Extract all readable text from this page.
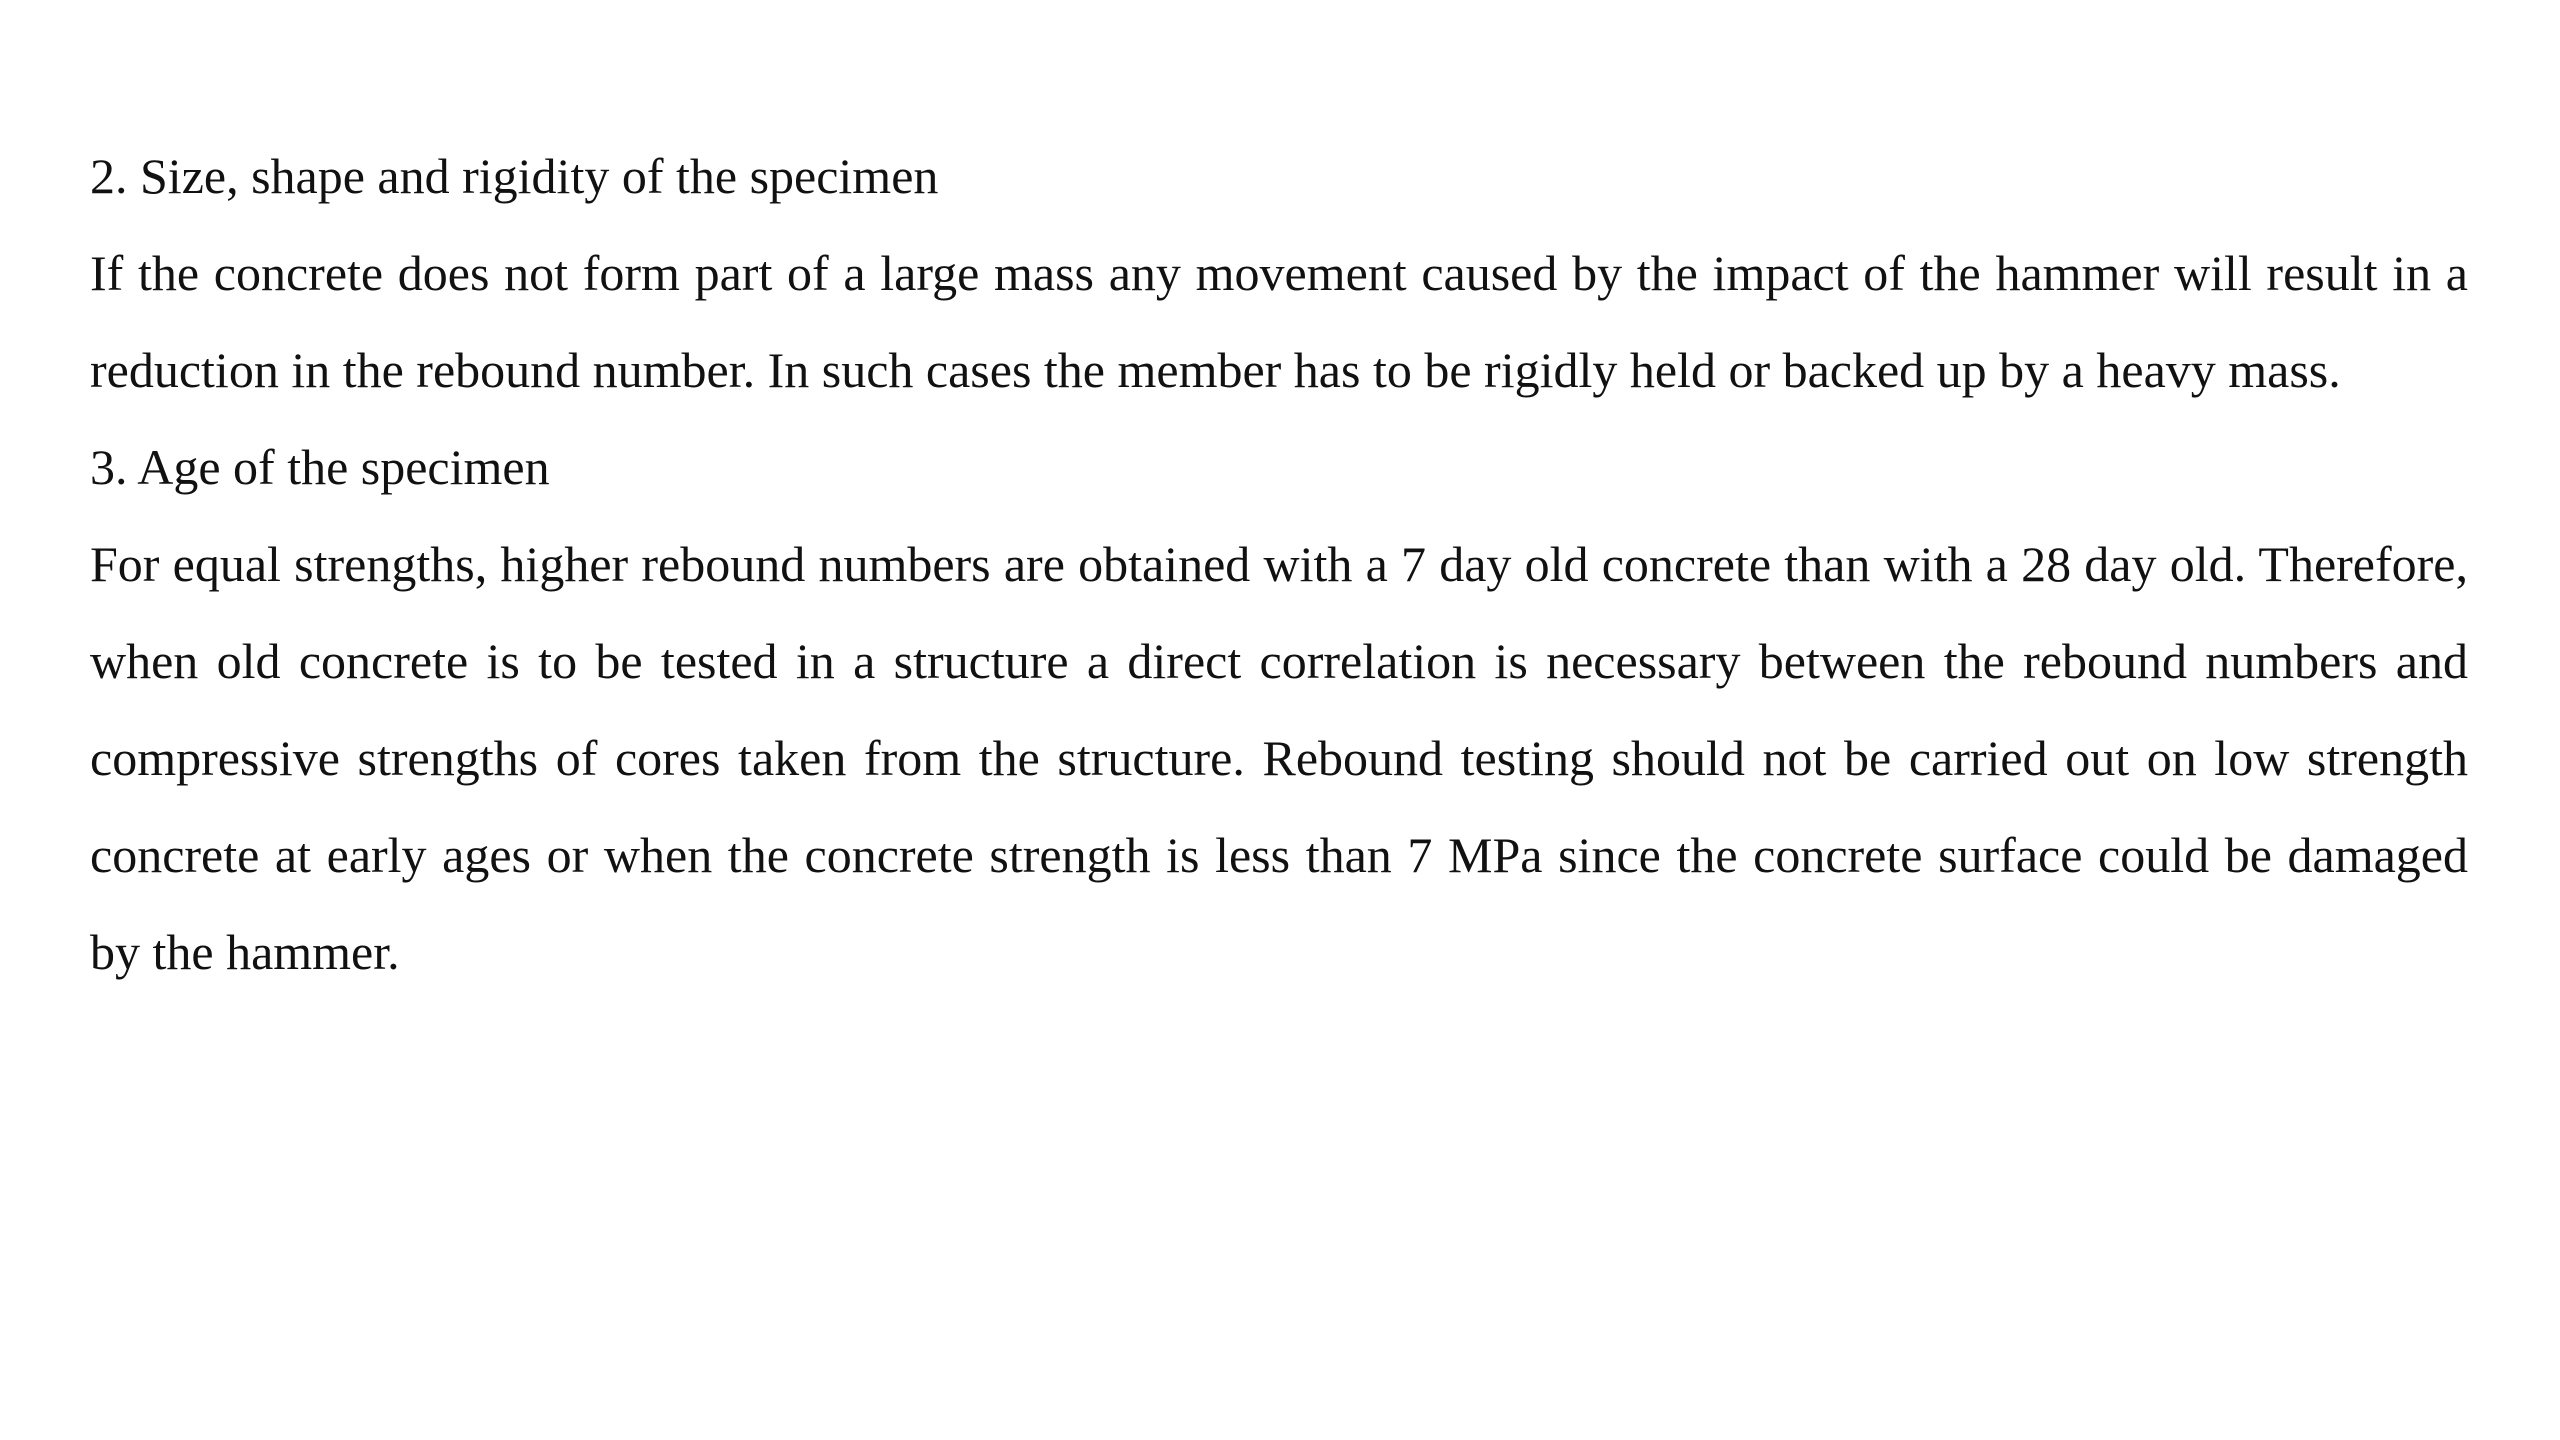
2. Size, shape and rigidity of the specimen

If the concrete does not form part of a large mass any movement caused by the impact of the hammer will result in a reduction in the rebound number. In such cases the member has to be rigidly held or backed up by a heavy mass.

3. Age of the specimen

For equal strengths, higher rebound numbers are obtained with a 7 day old concrete than with a 28 day old. Therefore, when old concrete is to be tested in a structure a direct correlation is necessary between the rebound numbers and compressive strengths of cores taken from the structure. Rebound testing should not be carried out on low strength concrete at early ages or when the concrete strength is less than 7 MPa since the concrete surface could be damaged by the hammer.
